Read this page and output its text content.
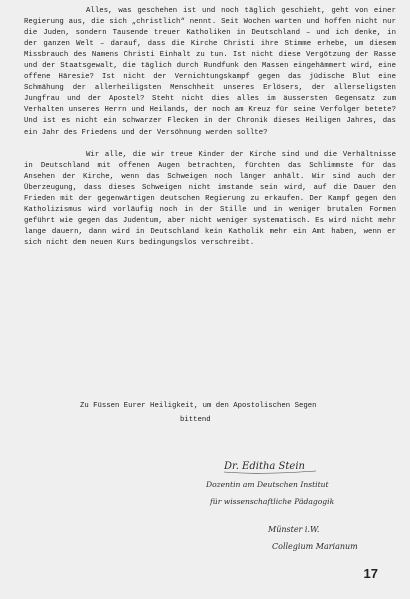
Alles, was geschehen ist und noch täglich geschieht, geht von einer Regierung aus, die sich „christlich“ nennt. Seit Wochen warten und hoffen nicht nur die Juden, sondern Tausende treuer Katholiken in Deutschland – und ich denke, in der ganzen Welt – darauf, dass die Kirche Christi ihre Stimme erhebe, um diesem Missbrauch des Namens Christi Einhalt zu tun. Ist nicht diese Vergötzung der Rasse und der Staatsgewalt, die täglich durch Rundfunk den Massen eingehämmert wird, eine offene Häresie? Ist nicht der Vernichtungskampf gegen das jüdische Blut eine Schmähung der allerheiligsten Menschheit unseres Erlösers, der allerseligsten Jungfrau und der Apostel? Steht nicht dies alles im äussersten Gegensatz zum Verhalten unseres Herrn und Heilands, der noch am Kreuz für seine Verfolger betete? Und ist es nicht ein schwarzer Flecken in der Chronik dieses Heiligen Jahres, das ein Jahr des Friedens und der Versöhnung werden sollte?

Wir alle, die wir treue Kinder der Kirche sind und die Verhältnisse in Deutschland mit offenen Augen betrachten, fürchten das Schlimmste für das Ansehen der Kirche, wenn das Schweigen noch länger anhält. Wir sind auch der Überzeugung, dass dieses Schweigen nicht imstande sein wird, auf die Dauer den Frieden mit der gegenwärtigen deutschen Regierung zu erkaufen. Der Kampf gegen den Katholizismus wird vorläufig noch in der Stille und in weniger brutalen Formen geführt wie gegen das Judentum, aber nicht weniger systematisch. Es wird nicht mehr lange dauern, dann wird in Deutschland kein Katholik mehr ein Amt haben, wenn er sich nicht dem neuen Kurs bedingungslos verschreibt.

Zu Füssen Eurer Heiligkeit, um den Apostolischen Segen
bittend
Dr. Editha Stein
Dozentin am Deutschen Institut
für wissenschaftliche Pädagogik
Münster i.W.
Collegium Marianum
17
